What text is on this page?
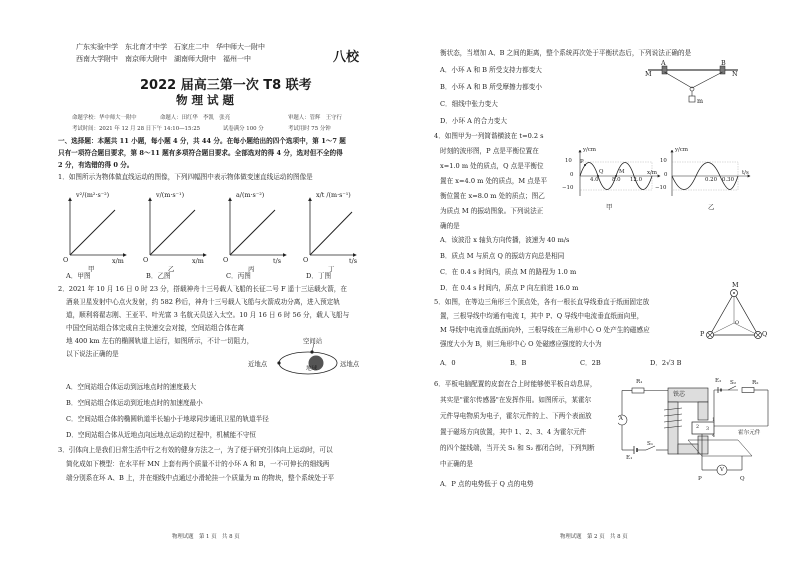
广东实验中学　东北育才中学　石家庄二中　华中师大一附中
西南大学附中　南京师大附中　湖南师大附中　福州一中	八校
2022 届高三第一次 T8 联考
物 理 试 题
命题学校：华中师大一附中	命题人：田红华　李凯　张亮	审题人：管辉　王守行
考试时间：2021 年 12 月 28 日下午 14:10—15:25	试卷满分 100 分	考试用时 75 分钟
一、选择题：本题共 11 小题，每小题 4 分，共 44 分。在每小题给出的四个选项中，第 1～7 题
只有一项符合题目要求，第 8～11 题有多项符合题目要求。全部选对的得 4 分，选对但不全的得
2 分，有选错的得 0 分。
1．如图所示为物体做直线运动的图像，下列四幅图中表示物体做变速直线运动的图像是
v²/(m²·s⁻²)	v/(m·s⁻¹)	a/(m·s⁻²)	x/t /(m·s⁻¹)
x/m	x/m	t/s	t/s
O	O	O	O
甲	乙	丙	丁
A．甲图	B．乙图	C．丙图	D．丁图
2．2021 年 10 月 16 日 0 时 23 分，搭载神舟十三号载人飞船的长征二号 F 遥十三运载火箭，在
酒泉卫星发射中心点火发射，约 582 秒后，神舟十三号载人飞船与火箭成功分离，进入预定轨
道，顺利将翟志刚、王亚平、叶光富 3 名航天员送入太空。10 月 16 日 6 时 56 分，载人飞船与
中国空间站组合体完成自主快速交会对接，空间站组合体在离
地 400 km 左右的椭圆轨道上运行，如图所示，不计一切阻力，
以下说法正确的是
空间站
近地点
地球
远地点
A．空间站组合体运动到远地点时的速度最大
B．空间站组合体运动到近地点时的加速度最小
C．空间站组合体的椭圆轨道半长轴小于地球同步通讯卫星的轨道半径
D．空间站组合体从近地点向远地点运动的过程中，机械能不守恒
3．引体向上是我们日常生活中行之有效的健身方法之一，为了便于研究引体向上运动时，可以
简化成如下模型：在水平杆 MN 上套有两个质量不计的小环 A 和 B，一不可伸长的细线两
端分别系在环 A、B 上，并在细线中点通过小滑轮挂一个质量为 m 的物块，整个系统处于平
物理试题　第 1 页　共 8 页
衡状态，当增加 A、B 之间的距离，整个系统再次处于平衡状态后，下列说法正确的是
M	N
A	B
m
A．小环 A 和 B 所受支持力都变大
B．小环 A 和 B 所受摩擦力都变小
C．细线中张力变大
D．小环 A 的合力变大
4．如图甲为一列简谐横波在 t=0.2 s
时刻的波形图，P 点是平衡位置在
x=1.0 m 处的质点，Q 点是平衡位
置在 x=4.0 m 处的质点，M 点是平
衡位置在 x=8.0 m 处的质点；图乙
为质点 M 的振动图象。下列说法正
确的是
y/cm
10
0
−10
4.0 8.0 12.0
x/m
P
Q	M
甲
y/cm
10
0
−10
0.20 0.30
t/s
乙
A．该波沿 x 轴负方向传播，波速为 40 m/s
B．质点 M 与质点 Q 的振动方向总是相同
C．在 0.4 s 时间内，质点 M 的路程为 1.0 m
D．在 0.4 s 时间内，质点 P 向左前进 16.0 m
5．如图，在等边三角形三个顶点处，各有一根长直导线垂直于纸面固定放
置，三根导线中均通有电流 I，其中 P、Q 导线中电流垂直纸面向里，
M 导线中电流垂直纸面向外，三根导线在三角形中心 O 处产生的磁感应
强度大小为 B，则三角形中心 O 处磁感应强度的大小为
M
P	Q
O
A．0	B．B	C．2B	D．2√3 B
6．平板电脑配置的皮套在合上时能够使平板自动息屏，
其实是"霍尔传感器"在发挥作用。如图所示，某霍尔
元件导电物质为电子，霍尔元件的上、下两个表面放
置于磁场方向放置，其中 1、2、3、4 为霍尔元件
的四个接线端，当开关 S₁ 和 S₂ 都闭合时，下列判断
中正确的是
R₁
A
E₁
S₁
铁芯
E₂ S₂	R₂
霍尔元件
V
P	Q
1
2 3
4
A．P 点的电势低于 Q 点的电势
物理试题　第 2 页　共 8 页
